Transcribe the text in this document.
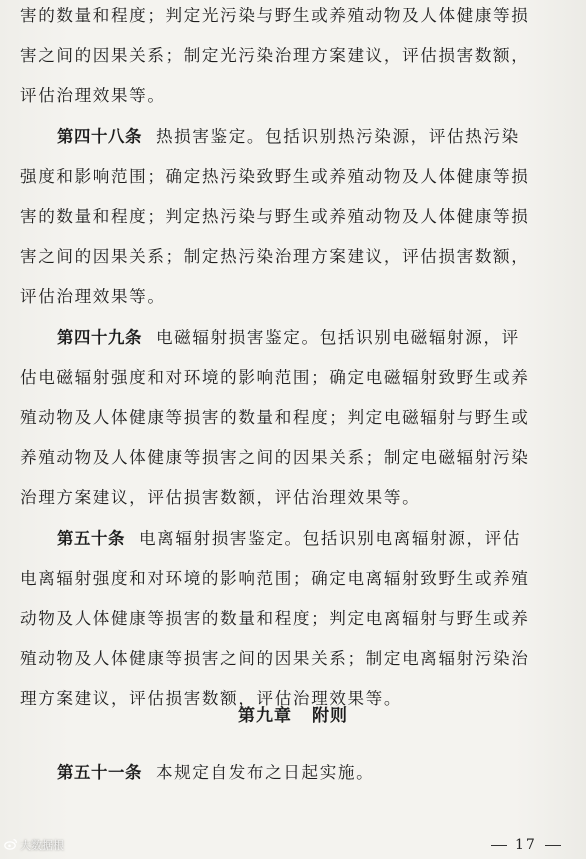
害的数量和程度；判定光污染与野生或养殖动物及人体健康等损
害之间的因果关系；制定光污染治理方案建议，评估损害数额，
评估治理效果等。
第四十八条 热损害鉴定。包括识别热污染源，评估热污染
强度和影响范围；确定热污染致野生或养殖动物及人体健康等损
害的数量和程度；判定热污染与野生或养殖动物及人体健康等损
害之间的因果关系；制定热污染治理方案建议，评估损害数额，
评估治理效果等。
第四十九条 电磁辐射损害鉴定。包括识别电磁辐射源，评
估电磁辐射强度和对环境的影响范围；确定电磁辐射致野生或养
殖动物及人体健康等损害的数量和程度；判定电磁辐射与野生或
养殖动物及人体健康等损害之间的因果关系；制定电磁辐射污染
治理方案建议，评估损害数额，评估治理效果等。
第五十条 电离辐射损害鉴定。包括识别电离辐射源，评估
电离辐射强度和对环境的影响范围；确定电离辐射致野生或养殖
动物及人体健康等损害的数量和程度；判定电离辐射与野生或养
殖动物及人体健康等损害之间的因果关系；制定电离辐射污染治
理方案建议，评估损害数额，评估治理效果等。
第九章 附则
第五十一条 本规定自发布之日起实施。
17
大数据根
